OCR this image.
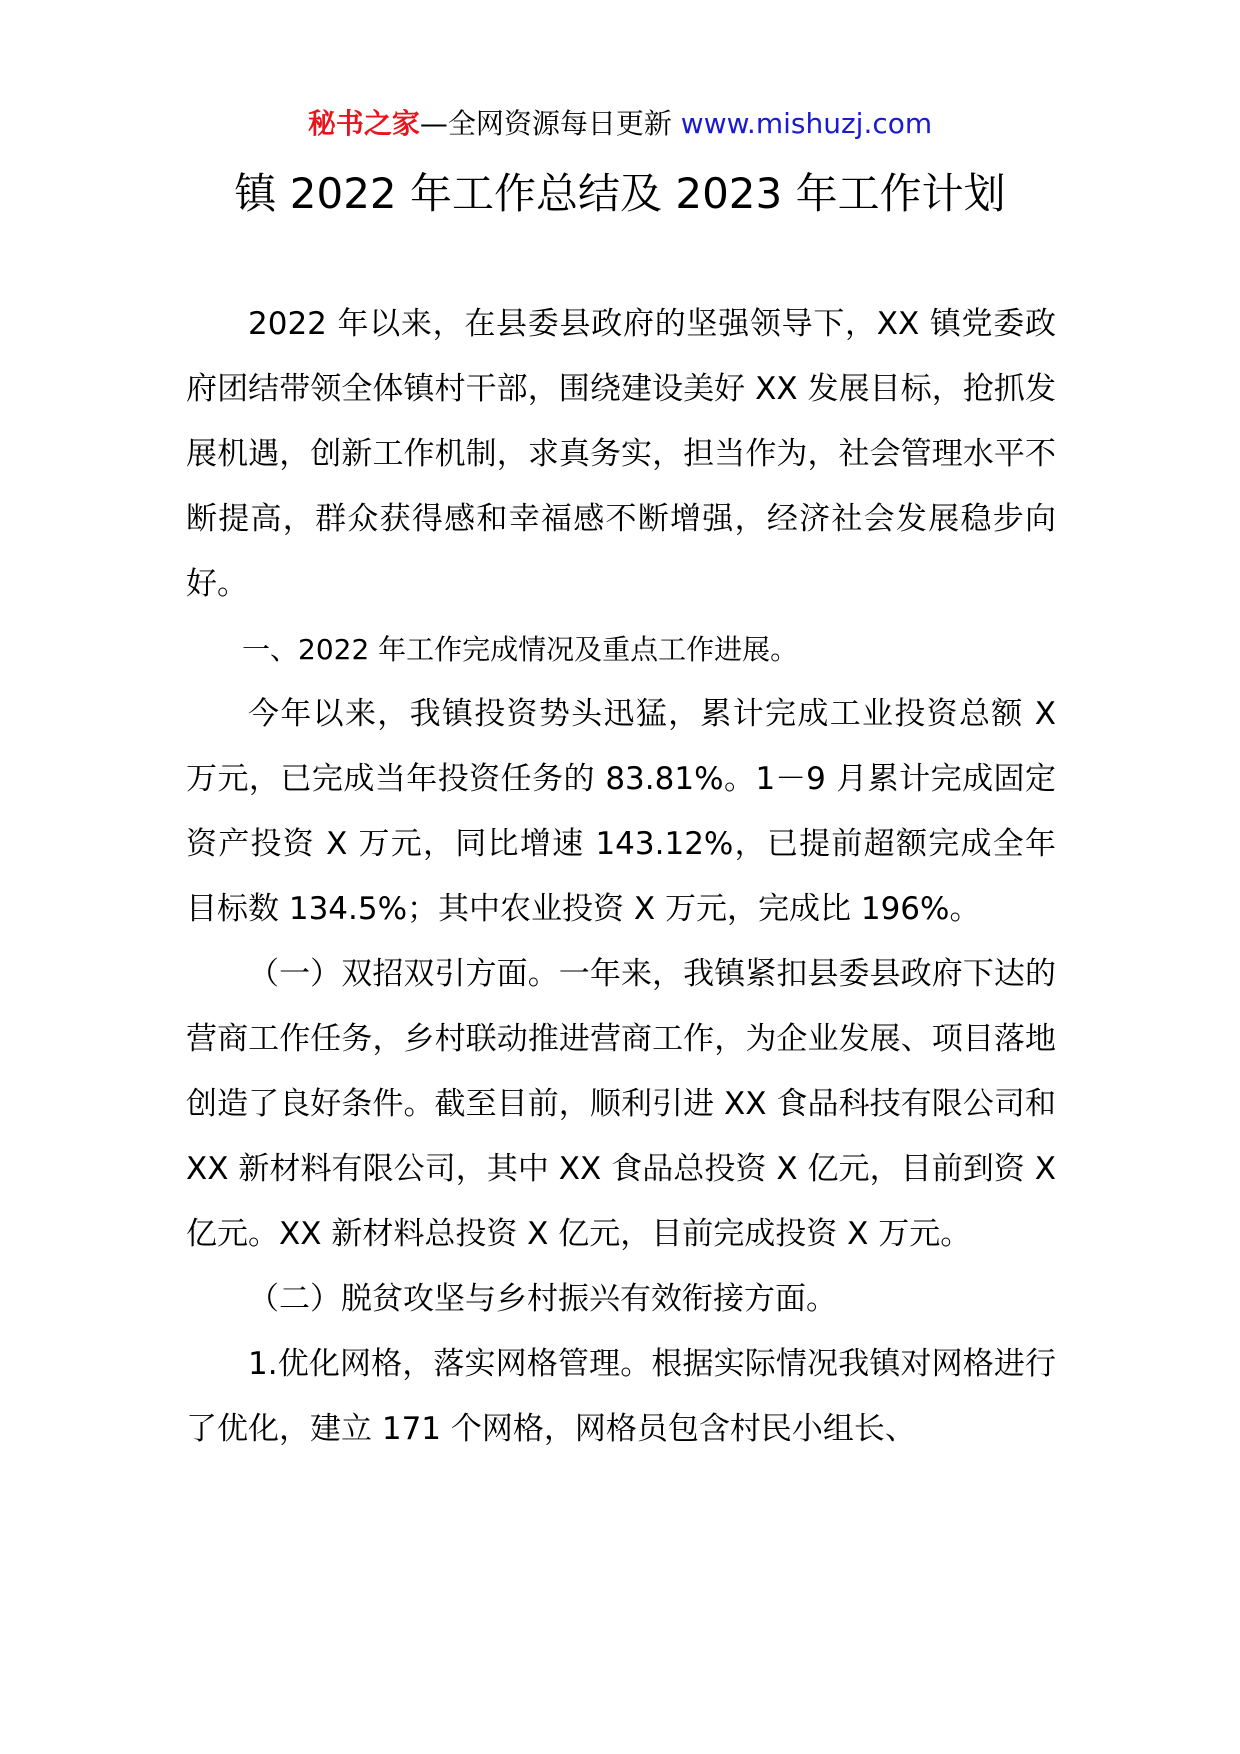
秘书之家—全网资源每日更新 www.mishuzj.com
镇 2022 年工作总结及 2023 年工作计划

2022 年以来，在县委县政府的坚强领导下，XX 镇党委政府团结带领全体镇村干部，围绕建设美好 XX 发展目标，抢抓发展机遇，创新工作机制，求真务实，担当作为，社会管理水平不断提高，群众获得感和幸福感不断增强，经济社会发展稳步向好。

一、2022 年工作完成情况及重点工作进展。

今年以来，我镇投资势头迅猛，累计完成工业投资总额 X 万元，已完成当年投资任务的 83.81%。1－9 月累计完成固定资产投资 X 万元，同比增速 143.12%，已提前超额完成全年目标数 134.5%；其中农业投资 X 万元，完成比 196%。

（一）双招双引方面。一年来，我镇紧扣县委县政府下达的营商工作任务，乡村联动推进营商工作，为企业发展、项目落地创造了良好条件。截至目前，顺利引进 XX 食品科技有限公司和 XX 新材料有限公司，其中 XX 食品总投资 X 亿元，目前到资 X 亿元。XX 新材料总投资 X 亿元，目前完成投资 X 万元。

（二）脱贫攻坚与乡村振兴有效衔接方面。

1.优化网格，落实网格管理。根据实际情况我镇对网格进行了优化，建立 171 个网格，网格员包含村民小组长、
